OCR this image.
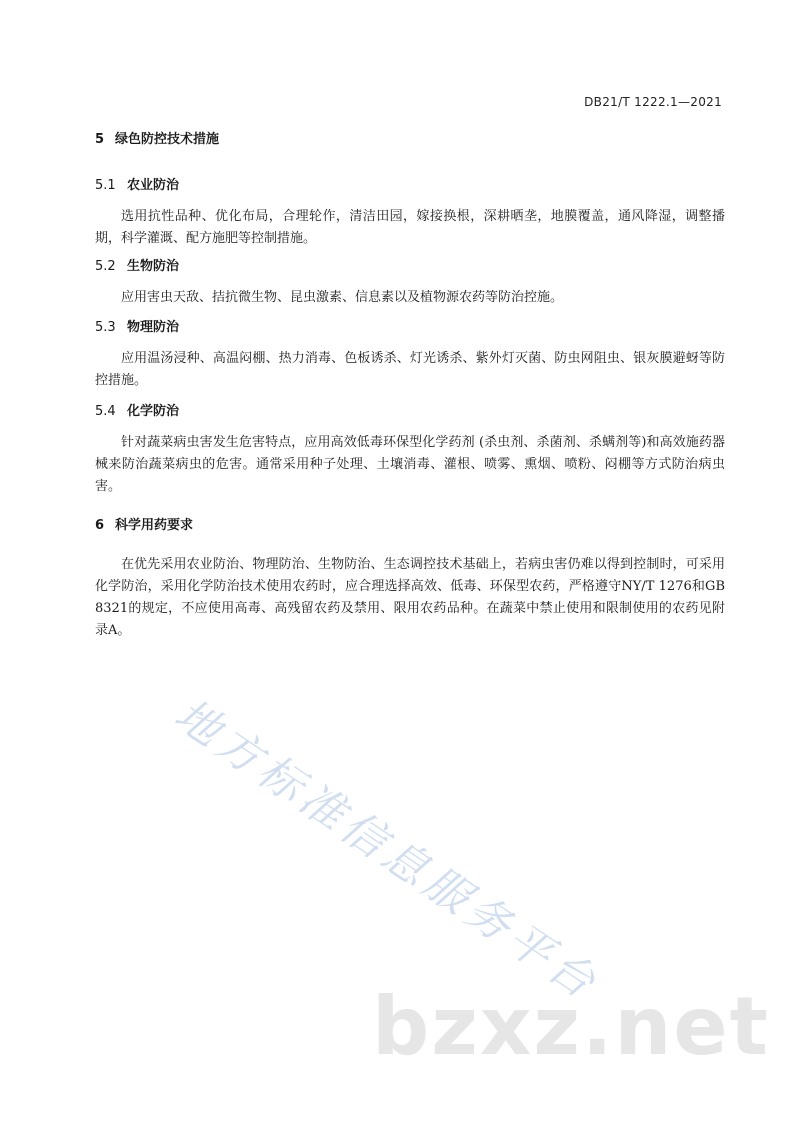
DB21/T 1222.1—2021

5 绿色防控技术措施

5.1 农业防治

选用抗性品种、优化布局，合理轮作，清洁田园，嫁接换根，深耕晒垄，地膜覆盖，通风降湿，调整播期，科学灌溉、配方施肥等控制措施。

5.2 生物防治

应用害虫天敌、拮抗微生物、昆虫激素、信息素以及植物源农药等防治控施。

5.3 物理防治

应用温汤浸种、高温闷棚、热力消毒、色板诱杀、灯光诱杀、紫外灯灭菌、防虫网阻虫、银灰膜避蚜等防控措施。

5.4 化学防治

针对蔬菜病虫害发生危害特点，应用高效低毒环保型化学药剂 (杀虫剂、杀菌剂、杀螨剂等)和高效施药器械来防治蔬菜病虫的危害。通常采用种子处理、土壤消毒、灌根、喷雾、熏烟、喷粉、闷棚等方式防治病虫害。

6 科学用药要求

在优先采用农业防治、物理防治、生物防治、生态调控技术基础上，若病虫害仍难以得到控制时，可采用化学防治，采用化学防治技术使用农药时，应合理选择高效、低毒、环保型农药，严格遵守NY/T 1276和GB 8321的规定，不应使用高毒、高残留农药及禁用、限用农药品种。在蔬菜中禁止使用和限制使用的农药见附录A。

地方标准信息服务平台
bzxz.net
